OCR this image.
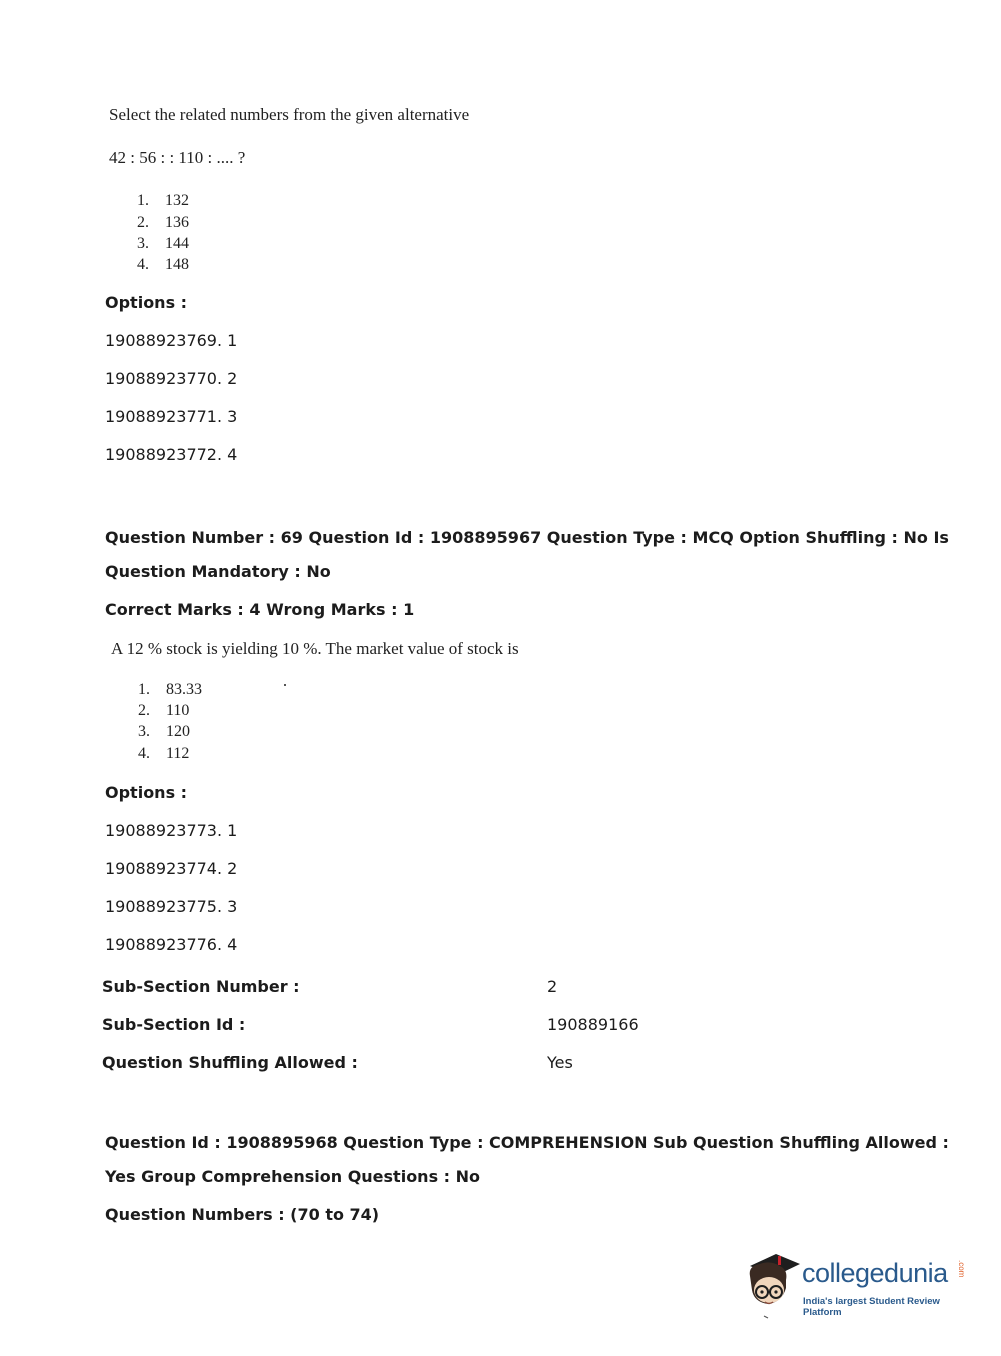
Select the related numbers from the given alternative
42 : 56 : : 110 : .... ?
1. 132
2. 136
3. 144
4. 148
Options :
19088923769. 1
19088923770. 2
19088923771. 3
19088923772. 4
Question Number : 69 Question Id : 1908895967 Question Type : MCQ Option Shuffling : No Is
Question Mandatory : No
Correct Marks : 4 Wrong Marks : 1
A 12 % stock is yielding 10 %. The market value of stock is
1. 83.33
2. 110
3. 120
4. 112
Options :
19088923773. 1
19088923774. 2
19088923775. 3
19088923776. 4
Sub-Section Number :	2
Sub-Section Id :	190889166
Question Shuffling Allowed :	Yes
Question Id : 1908895968 Question Type : COMPREHENSION Sub Question Shuffling Allowed :
Yes Group Comprehension Questions : No
Question Numbers : (70 to 74)
collegedunia .com
India's largest Student Review Platform
